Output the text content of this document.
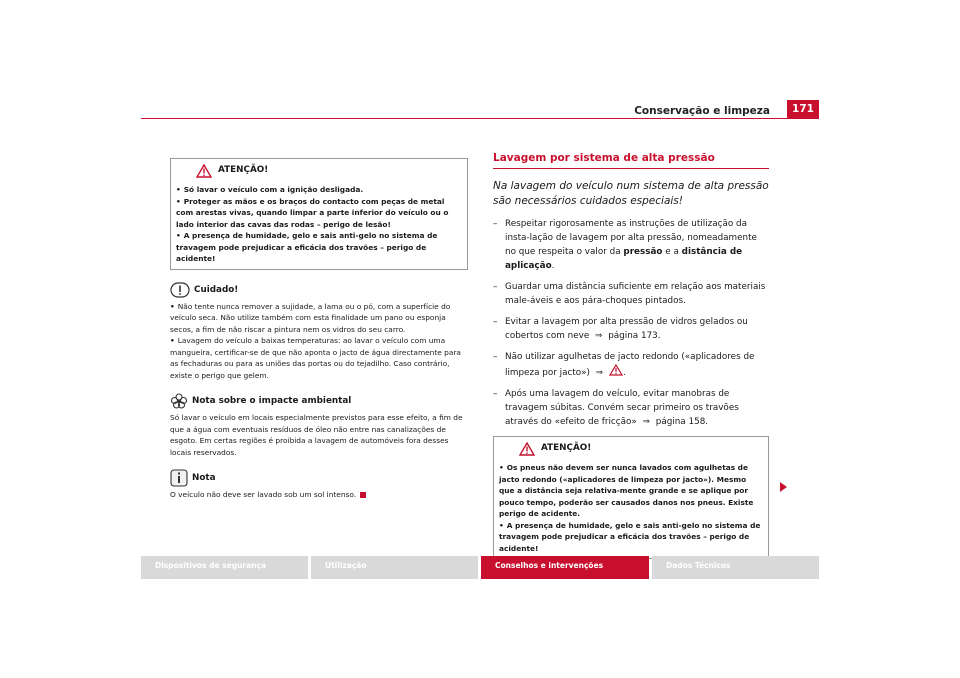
Conservação e limpeza	171
ATENÇÃO!

• Só lavar o veículo com a ignição desligada.

• Proteger as mãos e os braços do contacto com peças de metal com arestas vivas, quando limpar a parte inferior do veículo ou o lado interior das cavas das rodas – perigo de lesão!

• A presença de humidade, gelo e sais anti-gelo no sistema de travagem pode prejudicar a eficácia dos travões – perigo de acidente!

Cuidado!

• Não tente nunca remover a sujidade, a lama ou o pó, com a superfície do veículo seca. Não utilize também com esta finalidade um pano ou esponja secos, a fim de não riscar a pintura nem os vidros do seu carro.

• Lavagem do veículo a baixas temperaturas: ao lavar o veículo com uma mangueira, certificar-se de que não aponta o jacto de água directamente para as fechaduras ou para as uniões das portas ou do tejadilho. Caso contrário, existe o perigo que gelem.

Nota sobre o impacte ambiental

Só lavar o veículo em locais especialmente previstos para esse efeito, a fim de que a água com eventuais resíduos de óleo não entre nas canalizações de esgoto. Em certas regiões é proibida a lavagem de automóveis fora desses locais reservados.

Nota

O veículo não deve ser lavado sob um sol intenso.

Lavagem por sistema de alta pressão
Na lavagem do veículo num sistema de alta pressão são necessários cuidados especiais!
– Respeitar rigorosamente as instruções de utilização da insta-lação de lavagem por alta pressão, nomeadamente no que respeita o valor da pressão e a distância de aplicação.
– Guardar uma distância suficiente em relação aos materiais male-áveis e aos pára-choques pintados.
– Evitar a lavagem por alta pressão de vidros gelados ou cobertos com neve ⇒ página 173.
– Não utilizar agulhetas de jacto redondo («aplicadores de limpeza por jacto») ⇒ .
– Após uma lavagem do veículo, evitar manobras de travagem súbitas. Convém secar primeiro os travões através do «efeito de fricção» ⇒ página 158.
ATENÇÃO!

• Os pneus não devem ser nunca lavados com agulhetas de jacto redondo («aplicadores de limpeza por jacto»). Mesmo que a distância seja relativa-mente grande e se aplique por pouco tempo, poderão ser causados danos nos pneus. Existe perigo de acidente.

• A presença de humidade, gelo e sais anti-gelo no sistema de travagem pode prejudicar a eficácia dos travões – perigo de acidente!

Dispositivos de segurança	Utilização	Conselhos e intervenções	Dados Técnicos
